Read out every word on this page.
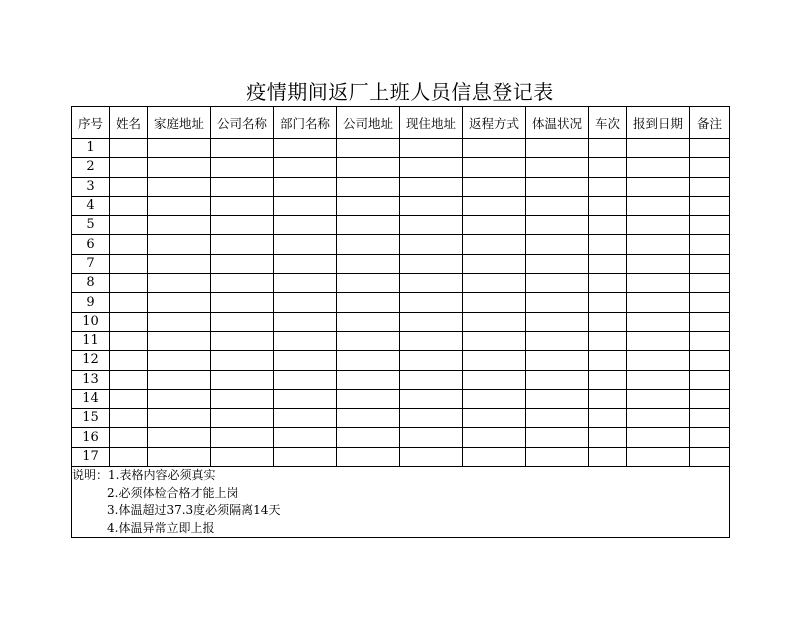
疫情期间返厂上班人员信息登记表
序号	姓名	家庭地址	公司名称	部门名称	公司地址	现住地址	返程方式	体温状况	车次	报到日期	备注
1											
2											
3											
4											
5											
6											
7											
8											
9											
10											
11											
12											
13											
14											
15											
16											
17											

说明：1.表格内容必须真实
2.必须体检合格才能上岗
3.体温超过37.3度必须隔离14天
4.体温异常立即上报											
